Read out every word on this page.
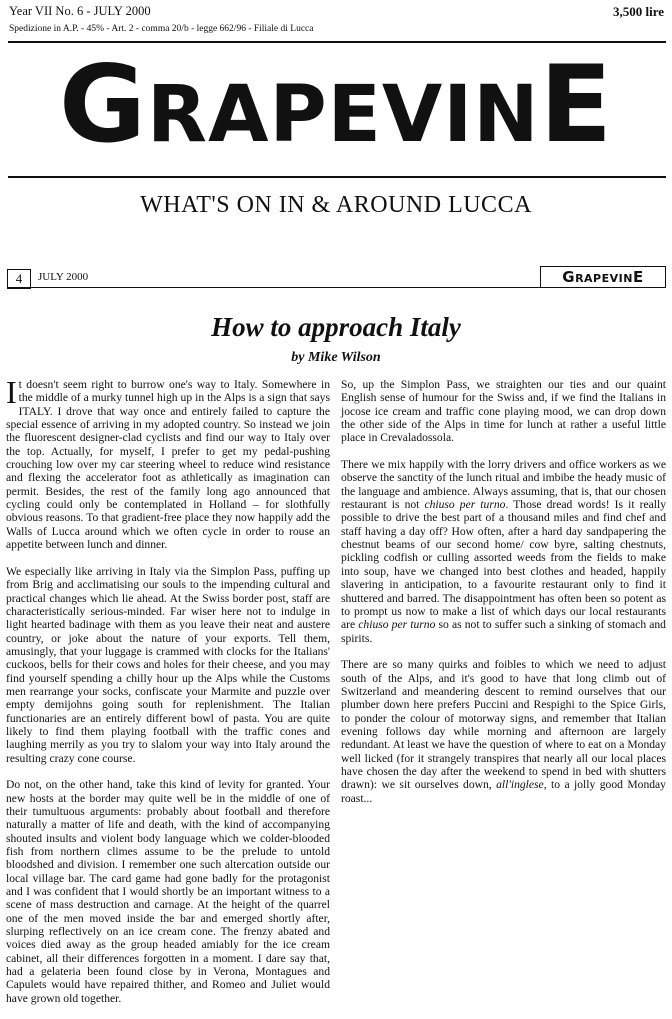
Year VII No. 6 - JULY 2000
Spedizione in A.P. - 45% - Art. 2 - comma 20/b - legge 662/96 - Filiale di Lucca
3,500 lire
GRAPEVINE
WHAT'S ON IN & AROUND LUCCA
4	JULY 2000	GRAPEVINE
How to approach Italy
by Mike Wilson

It doesn't seem right to burrow one's way to Italy. Somewhere in the middle of a murky tunnel high up in the Alps is a sign that says ITALY. I drove that way once and entirely failed to capture the special essence of arriving in my adopted country. So instead we join the fluorescent designer-clad cyclists and find our way to Italy over the top. Actually, for myself, I prefer to get my pedal-pushing crouching low over my car steering wheel to reduce wind resistance and flexing the accelerator foot as athletically as imagination can permit. Besides, the rest of the family long ago announced that cycling could only be contemplated in Holland – for slothfully obvious reasons. To that gradient-free place they now happily add the Walls of Lucca around which we often cycle in order to rouse an appetite between lunch and dinner.

We especially like arriving in Italy via the Simplon Pass, puffing up from Brig and acclimatising our souls to the impending cultural and practical changes which lie ahead. At the Swiss border post, staff are characteristically serious-minded. Far wiser here not to indulge in light hearted badinage with them as you leave their neat and austere country, or joke about the nature of your exports. Tell them, amusingly, that your luggage is crammed with clocks for the Italians' cuckoos, bells for their cows and holes for their cheese, and you may find yourself spending a chilly hour up the Alps while the Customs men rearrange your socks, confiscate your Marmite and puzzle over empty demijohns going south for replenishment. The Italian functionaries are an entirely different bowl of pasta. You are quite likely to find them playing football with the traffic cones and laughing merrily as you try to slalom your way into Italy around the resulting crazy cone course.

Do not, on the other hand, take this kind of levity for granted. Your new hosts at the border may quite well be in the middle of one of their tumultuous arguments: probably about football and therefore naturally a matter of life and death, with the kind of accompanying shouted insults and violent body language which we colder-blooded fish from northern climes assume to be the prelude to untold bloodshed and division. I remember one such altercation outside our local village bar. The card game had gone badly for the protagonist and I was confident that I would shortly be an important witness to a scene of mass destruction and carnage. At the height of the quarrel one of the men moved inside the bar and emerged shortly after, slurping reflectively on an ice cream cone. The frenzy abated and voices died away as the group headed amiably for the ice cream cabinet, all their differences forgotten in a moment. I dare say that, had a gelateria been found close by in Verona, Montagues and Capulets would have repaired thither, and Romeo and Juliet would have grown old together.

So, up the Simplon Pass, we straighten our ties and our quaint English sense of humour for the Swiss and, if we find the Italians in jocose ice cream and traffic cone playing mood, we can drop down the other side of the Alps in time for lunch at rather a useful little place in Crevaladossola.

There we mix happily with the lorry drivers and office workers as we observe the sanctity of the lunch ritual and imbibe the heady music of the language and ambience. Always assuming, that is, that our chosen restaurant is not chiuso per turno. Those dread words! Is it really possible to drive the best part of a thousand miles and find chef and staff having a day off? How often, after a hard day sandpapering the chestnut beams of our second home/ cow byre, salting chestnuts, pickling codfish or culling assorted weeds from the fields to make into soup, have we changed into best clothes and headed, happily slavering in anticipation, to a favourite restaurant only to find it shuttered and barred. The disappointment has often been so potent as to prompt us now to make a list of which days our local restaurants are chiuso per turno so as not to suffer such a sinking of stomach and spirits.

There are so many quirks and foibles to which we need to adjust south of the Alps, and it's good to have that long climb out of Switzerland and meandering descent to remind ourselves that our plumber down here prefers Puccini and Respighi to the Spice Girls, to ponder the colour of motorway signs, and remember that Italian evening follows day while morning and afternoon are largely redundant. At least we have the question of where to eat on a Monday well licked (for it strangely transpires that nearly all our local places have chosen the day after the weekend to spend in bed with shutters drawn): we sit ourselves down, all'inglese, to a jolly good Monday roast...
